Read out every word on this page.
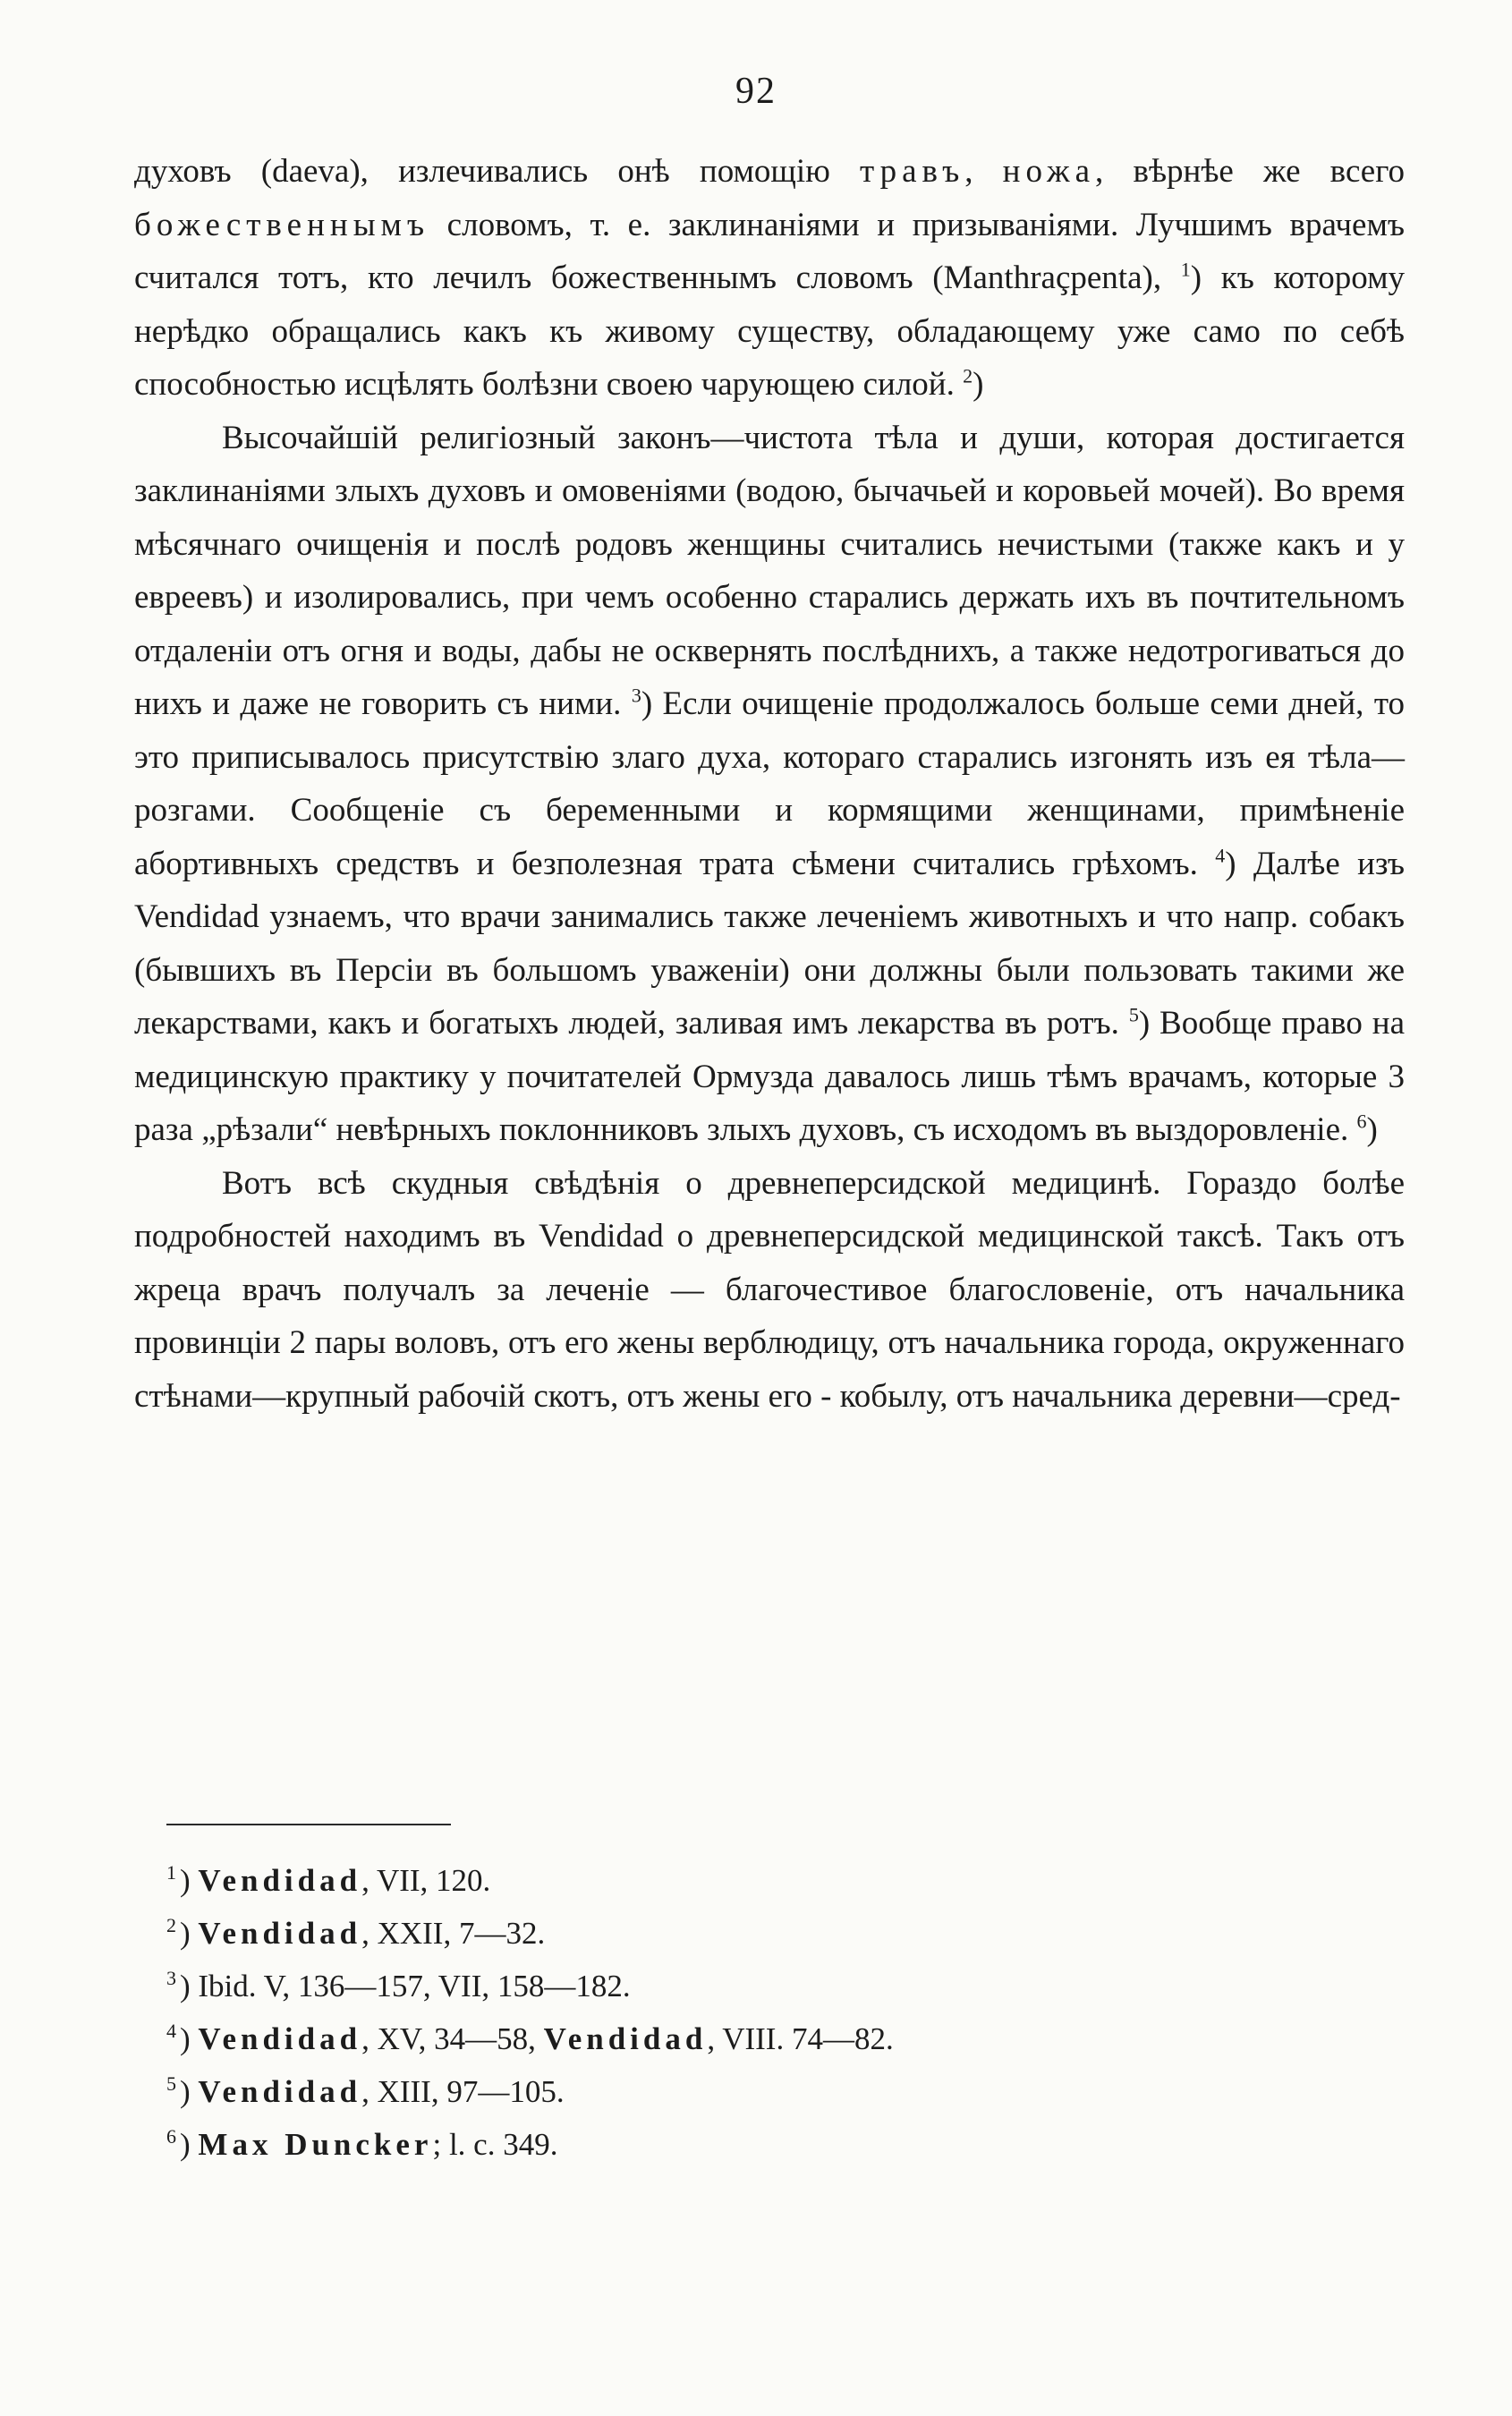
92

духовъ (daeva), излечивались онѣ помощію травъ, ножа, вѣрнѣе же всего божественнымъ словомъ, т. е. заклинаніями и призываніями. Лучшимъ врачемъ считался тотъ, кто лечилъ божественнымъ словомъ (Manthraçpenta), $^1$) къ которому нерѣдко обращались какъ къ живому существу, обладающему уже само по себѣ способностью исцѣлять болѣзни своею чарующею силой. $^2$)

Высочайшій религіозный законъ—чистота тѣла и души, которая достигается заклинаніями злыхъ духовъ и омовеніями (водою, бычачьей и коровьей мочей). Во время мѣсячнаго очищенія и послѣ родовъ женщины считались нечистыми (также какъ и у евреевъ) и изолировались, при чемъ особенно старались держать ихъ въ почтительномъ отдаленіи отъ огня и воды, дабы не осквернять послѣднихъ, а также недотрогиваться до нихъ и даже не говорить съ ними. $^3$) Если очищеніе продолжалось больше семи дней, то это приписывалось присутствію злаго духа, котораго старались изгонять изъ ея тѣла—розгами. Сообщеніе съ беременными и кормящими женщинами, примѣненіе абортивныхъ средствъ и безполезная трата сѣмени считались грѣхомъ. $^4$) Далѣе изъ Vendidad узнаемъ, что врачи занимались также леченіемъ животныхъ и что напр. собакъ (бывшихъ въ Персіи въ большомъ уваженіи) они должны были пользовать такими же лекарствами, какъ и богатыхъ людей, заливая имъ лекарства въ ротъ. $^5$) Вообще право на медицинскую практику у почитателей Ормузда давалось лишь тѣмъ врачамъ, которые 3 раза „рѣзали“ невѣрныхъ поклонниковъ злыхъ духовъ, съ исходомъ въ выздоровленіе. $^6$)

Вотъ всѣ скудныя свѣдѣнія о древнеперсидской медицинѣ. Гораздо болѣе подробностей находимъ въ Vendidad о древнеперсидской медицинской таксѣ. Такъ отъ жреца врачъ получалъ за леченіе — благочестивое благословеніе, отъ начальника провинціи 2 пары воловъ, отъ его жены верблюдицу, отъ начальника города, окруженнаго стѣнами—крупный рабочій скотъ, отъ жены его - кобылу, отъ начальника деревни—сред-

$^1$ ) Vendidad, VII, 120.
$^2$ ) Vendidad, XXII, 7—32.
$^3$ ) Ibid. V, 136—157, VII, 158—182.
$^4$ ) Vendidad, XV, 34—58, Vendidad, VIII. 74—82.
$^5$ ) Vendidad, XIII, 97—105.
$^6$ ) Max Duncker; l. c. 349.
